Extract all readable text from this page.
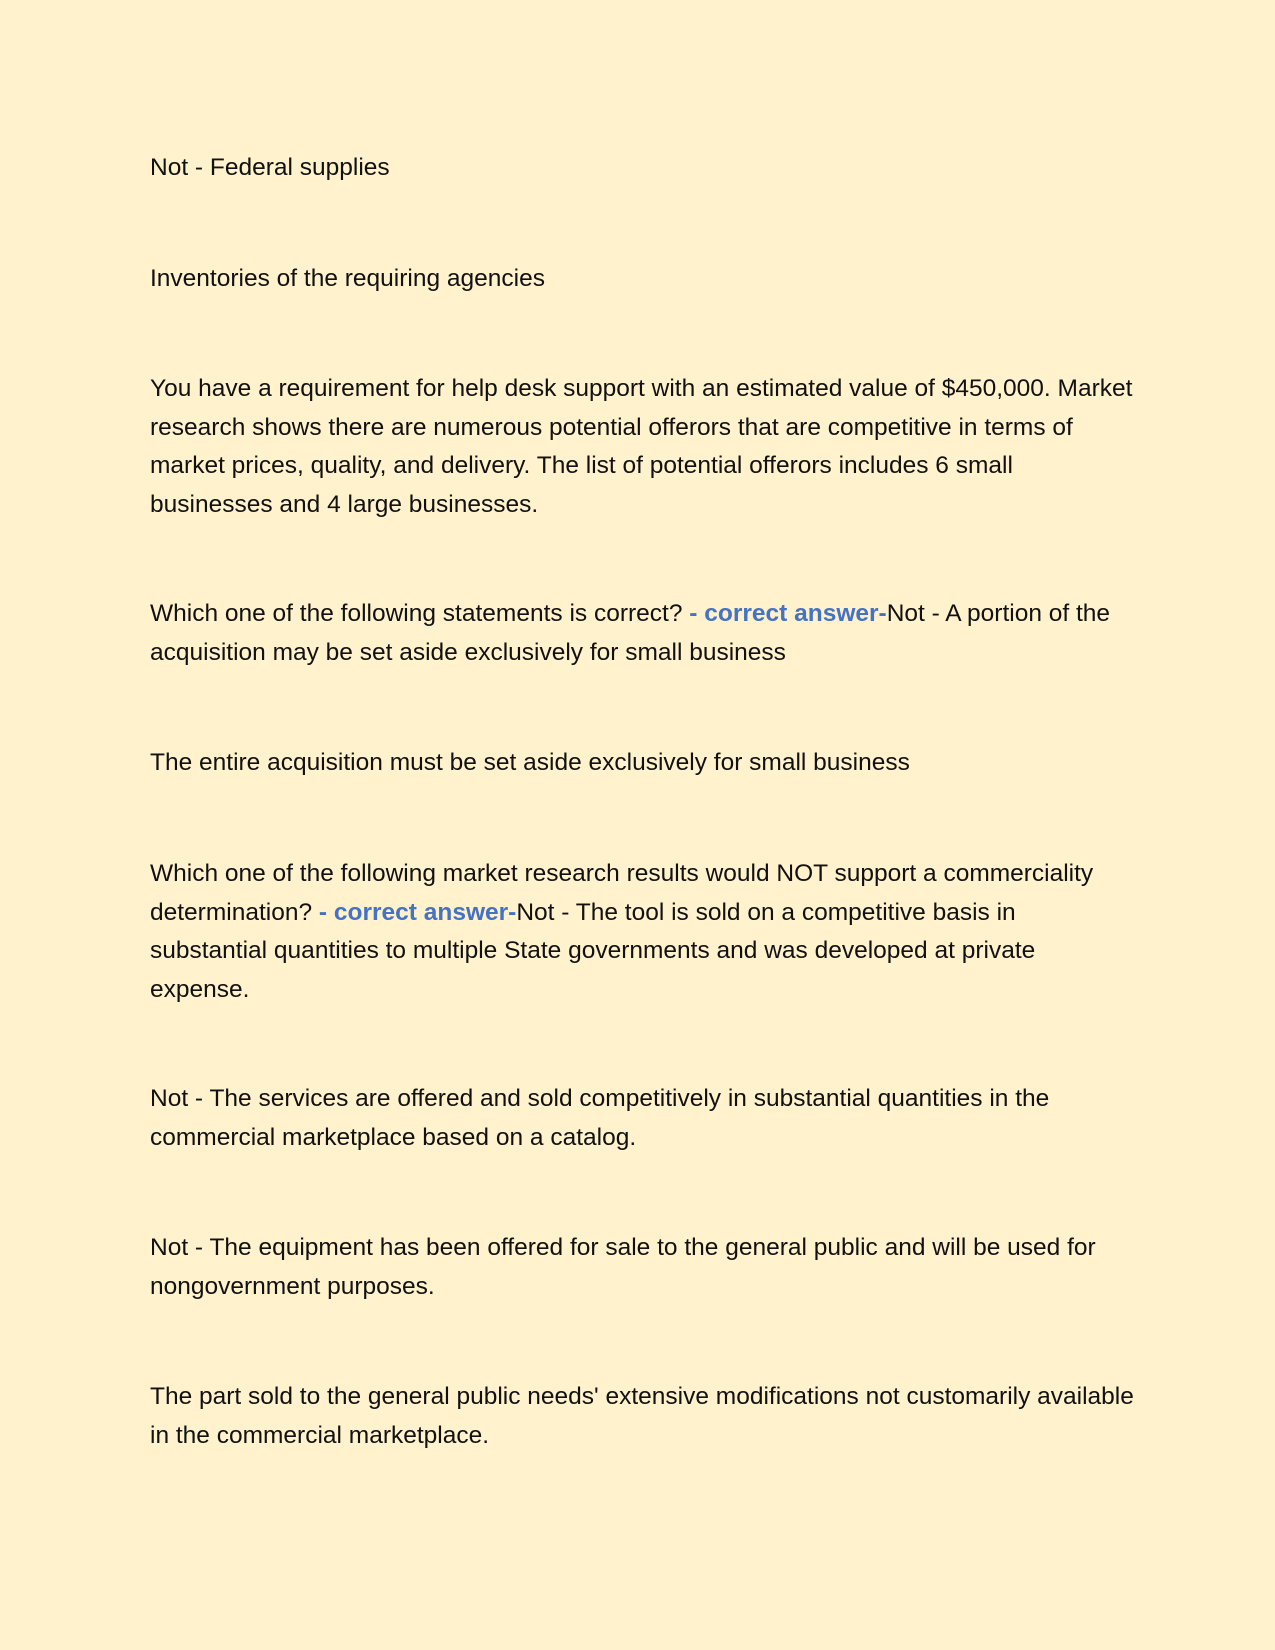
Not - Federal supplies

Inventories of the requiring agencies

You have a requirement for help desk support with an estimated value of $450,000. Market research shows there are numerous potential offerors that are competitive in terms of market prices, quality, and delivery. The list of potential offerors includes 6 small businesses and 4 large businesses.

Which one of the following statements is correct? - correct answer-Not - A portion of the acquisition may be set aside exclusively for small business

The entire acquisition must be set aside exclusively for small business

Which one of the following market research results would NOT support a commerciality determination? - correct answer-Not - The tool is sold on a competitive basis in substantial quantities to multiple State governments and was developed at private expense.

Not - The services are offered and sold competitively in substantial quantities in the commercial marketplace based on a catalog.

Not - The equipment has been offered for sale to the general public and will be used for nongovernment purposes.

The part sold to the general public needs' extensive modifications not customarily available in the commercial marketplace.
